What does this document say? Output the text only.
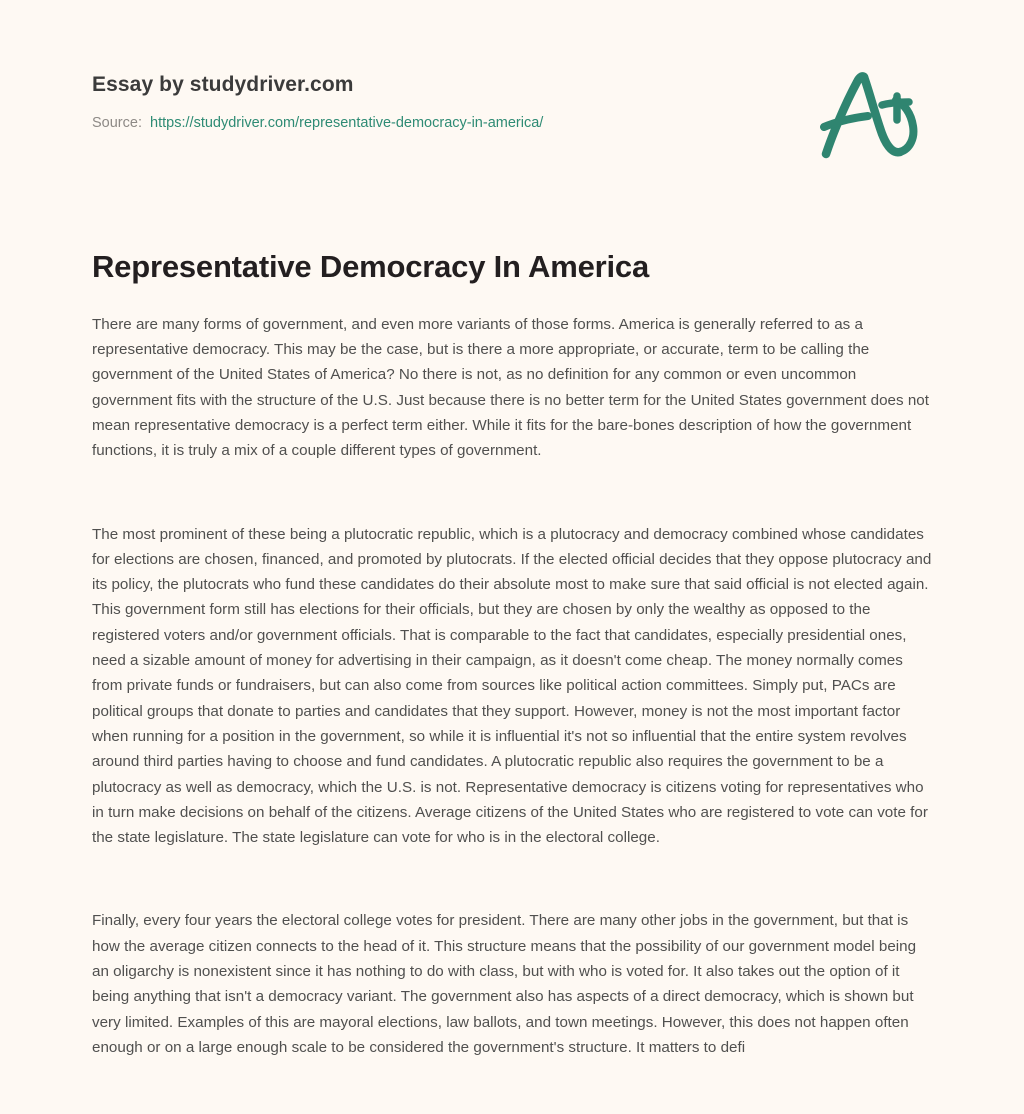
Essay by studydriver.com
Source: https://studydriver.com/representative-democracy-in-america/
Representative Democracy In America

There are many forms of government, and even more variants of those forms. America is generally referred to as a representative democracy. This may be the case, but is there a more appropriate, or accurate, term to be calling the government of the United States of America? No there is not, as no definition for any common or even uncommon government fits with the structure of the U.S. Just because there is no better term for the United States government does not mean representative democracy is a perfect term either. While it fits for the bare-bones description of how the government functions, it is truly a mix of a couple different types of government.

The most prominent of these being a plutocratic republic, which is a plutocracy and democracy combined whose candidates for elections are chosen, financed, and promoted by plutocrats. If the elected official decides that they oppose plutocracy and its policy, the plutocrats who fund these candidates do their absolute most to make sure that said official is not elected again. This government form still has elections for their officials, but they are chosen by only the wealthy as opposed to the registered voters and/or government officials. That is comparable to the fact that candidates, especially presidential ones, need a sizable amount of money for advertising in their campaign, as it doesn't come cheap. The money normally comes from private funds or fundraisers, but can also come from sources like political action committees. Simply put, PACs are political groups that donate to parties and candidates that they support. However, money is not the most important factor when running for a position in the government, so while it is influential it's not so influential that the entire system revolves around third parties having to choose and fund candidates. A plutocratic republic also requires the government to be a plutocracy as well as democracy, which the U.S. is not. Representative democracy is citizens voting for representatives who in turn make decisions on behalf of the citizens. Average citizens of the United States who are registered to vote can vote for the state legislature. The state legislature can vote for who is in the electoral college.

Finally, every four years the electoral college votes for president. There are many other jobs in the government, but that is how the average citizen connects to the head of it. This structure means that the possibility of our government model being an oligarchy is nonexistent since it has nothing to do with class, but with who is voted for. It also takes out the option of it being anything that isn't a democracy variant. The government also has aspects of a direct democracy, which is shown but very limited. Examples of this are mayoral elections, law ballots, and town meetings. However, this does not happen often enough or on a large enough scale to be considered the government's structure. It matters to defi
